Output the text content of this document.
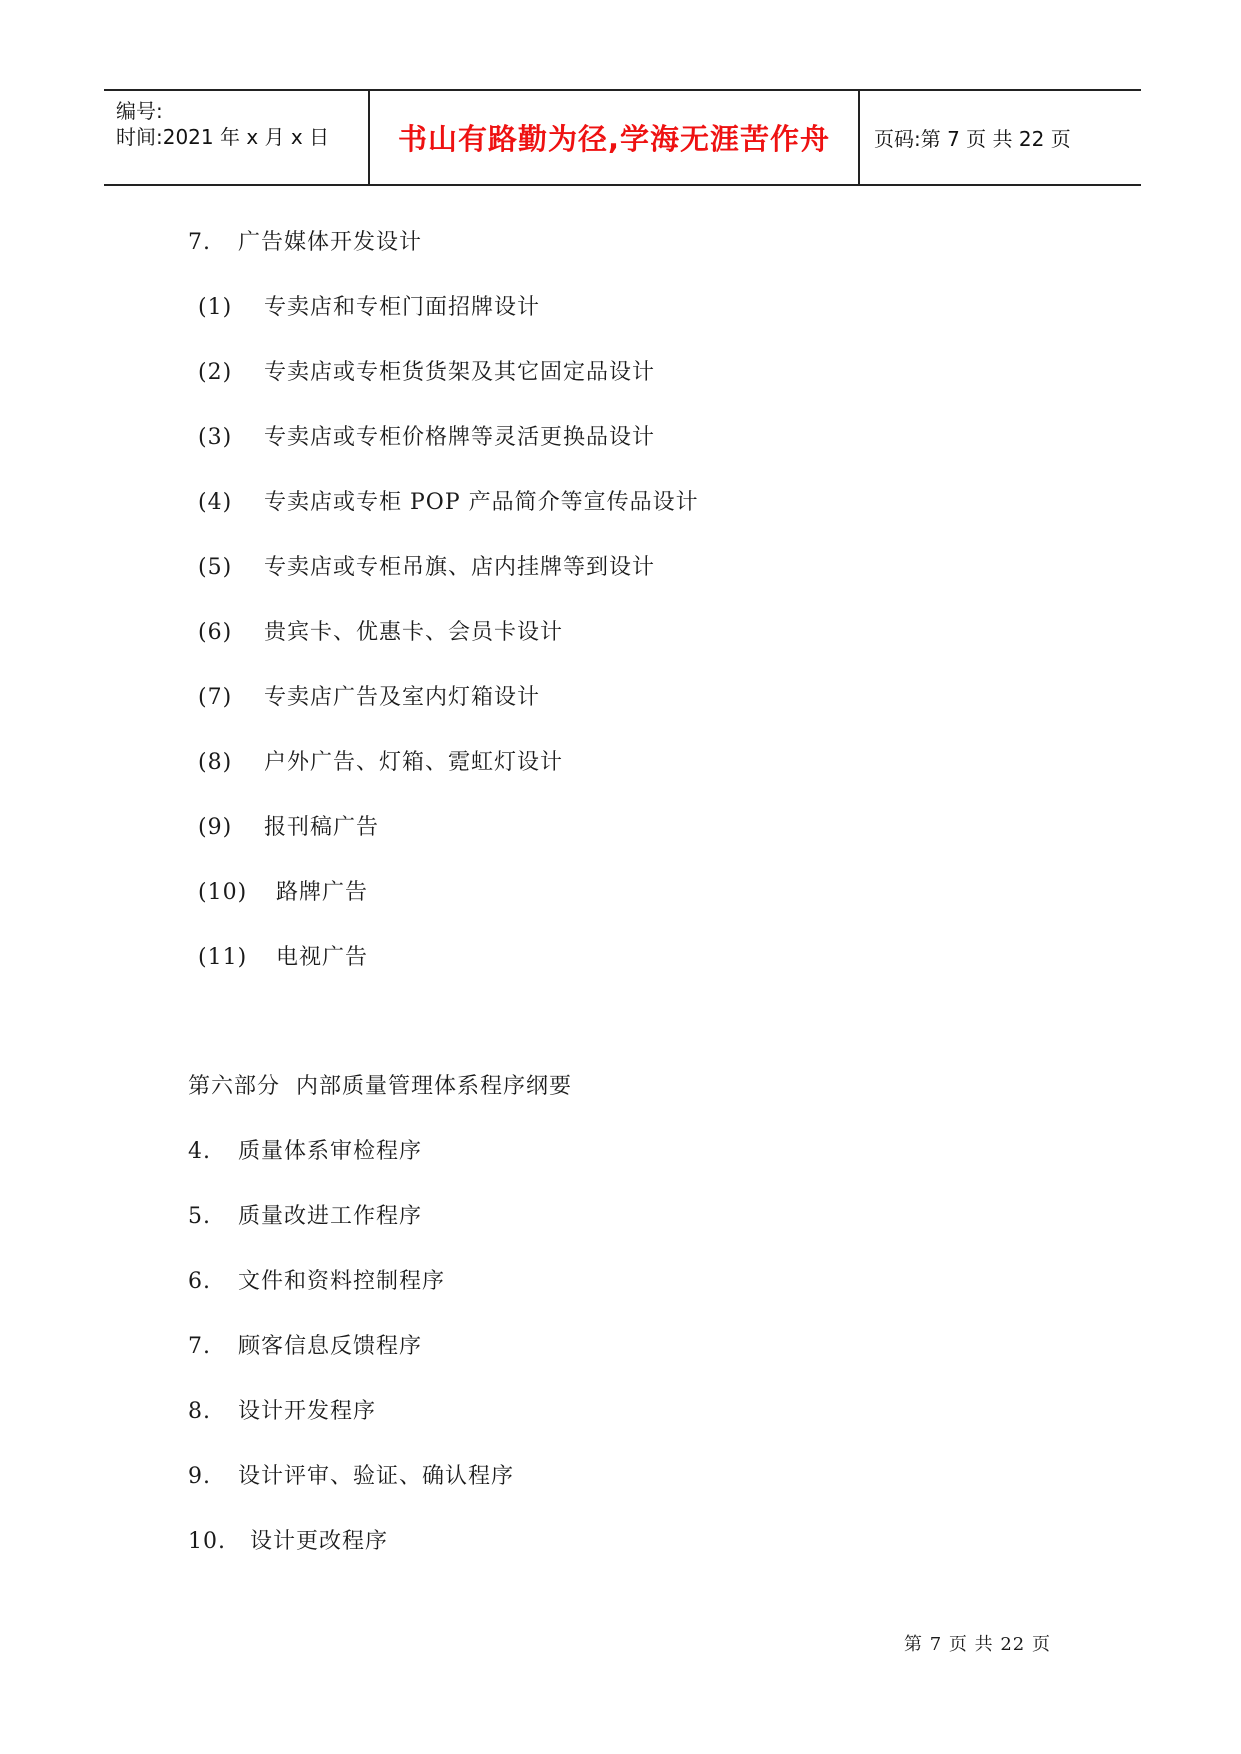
编号:
时间:2021 年 x 月 x 日	书山有路勤为径,学海无涯苦作舟	页码:第 7 页 共 22 页
7. 广告媒体开发设计
(1) 专卖店和专柜门面招牌设计
(2) 专卖店或专柜货货架及其它固定品设计
(3) 专卖店或专柜价格牌等灵活更换品设计
(4) 专卖店或专柜 POP 产品简介等宣传品设计
(5) 专卖店或专柜吊旗、店内挂牌等到设计
(6) 贵宾卡、优惠卡、会员卡设计
(7) 专卖店广告及室内灯箱设计
(8) 户外广告、灯箱、霓虹灯设计
(9) 报刊稿广告
(10) 路牌广告
(11) 电视广告
第六部分  内部质量管理体系程序纲要
4. 质量体系审检程序
5. 质量改进工作程序
6. 文件和资料控制程序
7. 顾客信息反馈程序
8. 设计开发程序
9. 设计评审、验证、确认程序
10. 设计更改程序
第 7 页 共 22 页
